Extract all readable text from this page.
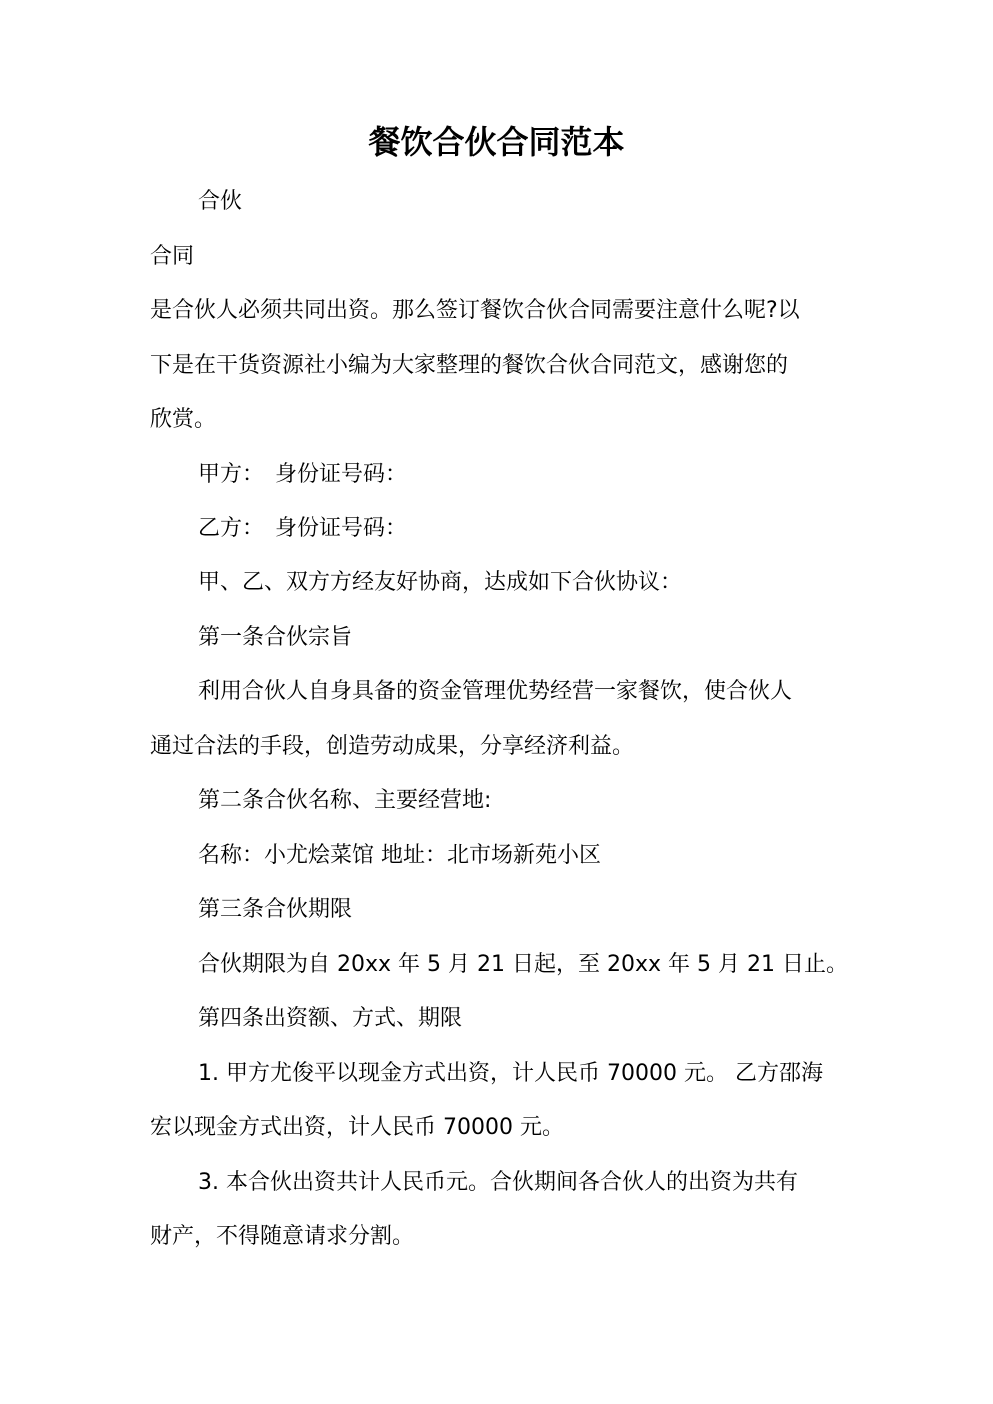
餐饮合伙合同范本

合伙

合同

是合伙人必须共同出资。那么签订餐饮合伙合同需要注意什么呢?以

下是在干货资源社小编为大家整理的餐饮合伙合同范文，感谢您的

欣赏。

甲方：　身份证号码：

乙方：　身份证号码：

甲、乙、双方方经友好协商，达成如下合伙协议：

第一条合伙宗旨

利用合伙人自身具备的资金管理优势经营一家餐饮，使合伙人

通过合法的手段，创造劳动成果，分享经济利益。

第二条合伙名称、主要经营地:

名称：小尤烩菜馆 地址：北市场新苑小区

第三条合伙期限

合伙期限为自 20xx 年 5 月 21 日起，至 20xx 年 5 月 21 日止。

第四条出资额、方式、期限

1. 甲方尤俊平以现金方式出资，计人民币 70000 元。 乙方邵海

宏以现金方式出资，计人民币 70000 元。

3. 本合伙出资共计人民币元。合伙期间各合伙人的出资为共有

财产，不得随意请求分割。
